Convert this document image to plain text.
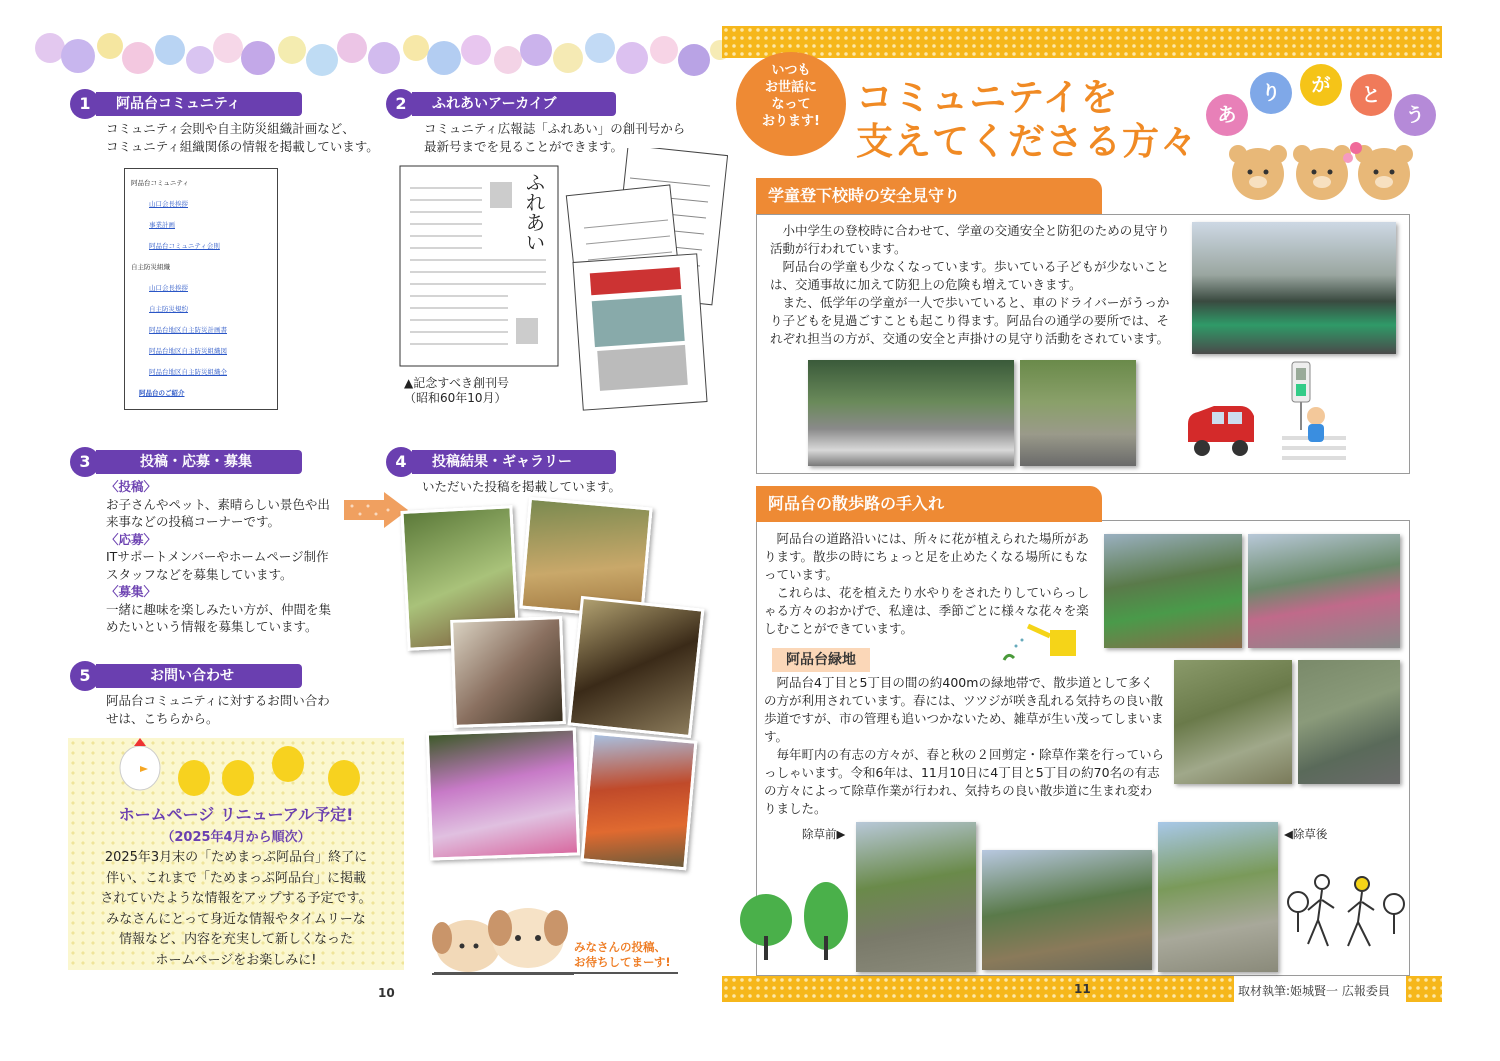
1	阿品台コミュニティ

コミュニティ会則や自主防災組織計画など、

コミュニティ組織関係の情報を掲載しています。

阿品台コミュニティ
山口会長挨拶
事業計画
阿品台コミュニティ会則
自主防災組織
山口会長挨拶
自主防災規約
阿品台地区自主防災計画書
阿品台地区自主防災組織図
阿品台地区自主防災組織全
阿品台のご紹介
2	ふれあいアーカイブ

コミュニティ広報誌「ふれあい」の創刊号から

最新号までを見ることができます。

ふれあい
▲記念すべき創刊号
（昭和60年10月）
3	投稿・応募・募集

〈投稿〉

お子さんやペット、素晴らしい景色や出

来事などの投稿コーナーです。

〈応募〉

ITサポートメンバーやホームページ制作

スタッフなどを募集しています。

〈募集〉

一緒に趣味を楽しみたい方が、仲間を集

めたいという情報を募集しています。

4	投稿結果・ギャラリー

いただいた投稿を掲載しています。

5	お問い合わせ

阿品台コミュニティに対するお問い合わ

せは、こちらから。

ホームページ リニューアル予定!
（2025年4月から順次）
2025年3月末の「ためまっぷ阿品台」終了に
伴い、これまで「ためまっぷ阿品台」に掲載
されていたような情報をアップする予定です。
みなさんにとって身近な情報やタイムリーな
情報など、内容を充実して新しくなった
ホームページをお楽しみに!
みなさんの投稿、
お待ちしてまーす!
10	11	取材執筆:姫城賢一 広報委員
いつも
お世話に
なって
おります!
コミュニテイを
支えてくださる方々
あ
り	が	と
う
学童登下校時の安全見守り

小中学生の登校時に合わせて、学童の交通安全と防犯のための見守り活動が行われています。

阿品台の学童も少なくなっています。歩いている子どもが少ないことは、交通事故に加えて防犯上の危険も増えていきます。

また、低学年の学童が一人で歩いていると、車のドライバーがうっかり子どもを見過ごすことも起こり得ます。阿品台の通学の要所では、それぞれ担当の方が、交通の安全と声掛けの見守り活動をされています。

阿品台の散歩路の手入れ

阿品台の道路沿いには、所々に花が植えられた場所があります。散歩の時にちょっと足を止めたくなる場所にもなっています。

これらは、花を植えたり水やりをされたりしていらっしゃる方々のおかげで、私達は、季節ごとに様々な花々を楽しむことができています。

阿品台緑地

阿品台4丁目と5丁目の間の約400mの緑地帯で、散歩道として多くの方が利用されています。春には、ツツジが咲き乱れる気持ちの良い散歩道ですが、市の管理も追いつかないため、雑草が生い茂ってしまいます。

毎年町内の有志の方々が、春と秋の２回剪定・除草作業を行っていらっしゃいます。令和6年は、11月10日に4丁目と5丁目の約70名の有志の方々によって除草作業が行われ、気持ちの良い散歩道に生まれ変わりました。

除草前▶	◀除草後
